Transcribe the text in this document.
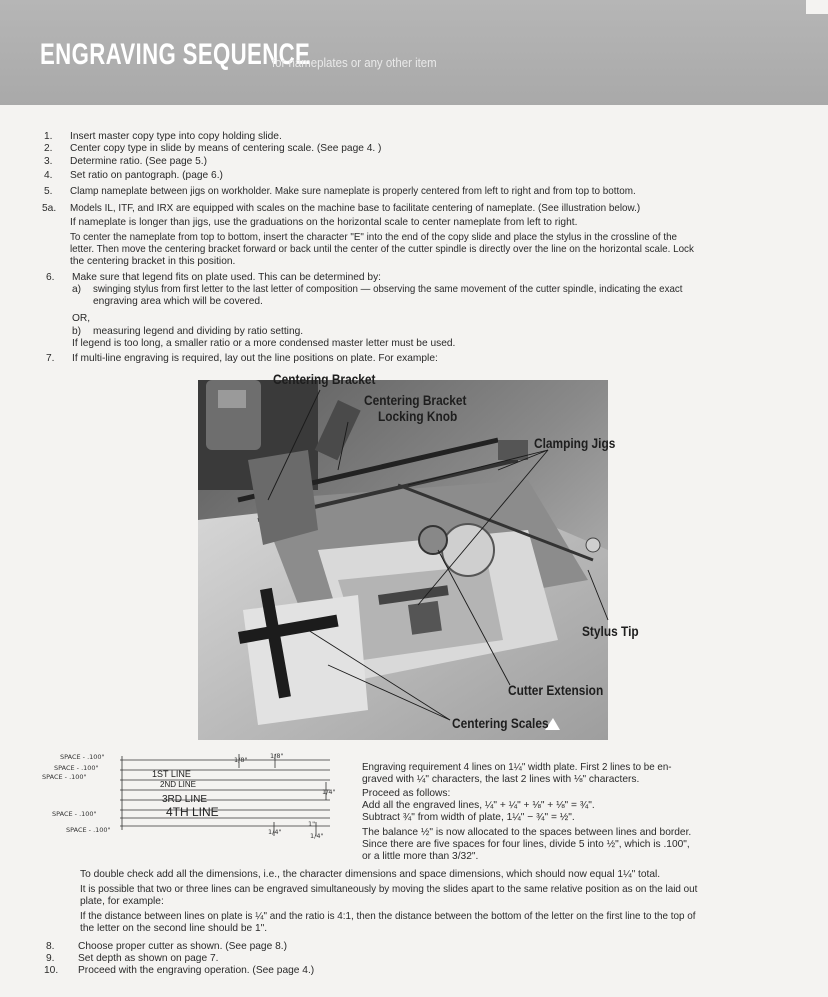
ENGRAVING SEQUENCE
for nameplates or any other item
1. Insert master copy type into copy holding slide.
2. Center copy type in slide by means of centering scale. (See page 4. )
3. Determine ratio. (See page 5.)
4. Set ratio on pantograph. (page 6.)
5. Clamp nameplate between jigs on workholder. Make sure nameplate is properly centered from left to right and from top to bottom.
5a. Models IL, ITF, and IRX are equipped with scales on the machine base to facilitate centering of nameplate. (See illustration below.)
If nameplate is longer than jigs, use the graduations on the horizontal scale to center nameplate from left to right.
To center the nameplate from top to bottom, insert the character "E" into the end of the copy slide and place the stylus in the crossline of the
letter. Then move the centering bracket forward or back until the center of the cutter spindle is directly over the line on the horizontal scale. Lock
the centering bracket in this position.
6. Make sure that legend fits on plate used. This can be determined by:
a) swinging stylus from first letter to the last letter of composition — observing the same movement of the cutter spindle, indicating the exact
engraving area which will be covered.
OR,
b) measuring legend and dividing by ratio setting.
If legend is too long, a smaller ratio or a more condensed master letter must be used.
7. If multi-line engraving is required, lay out the line positions on plate. For example:
Centering Bracket
Centering Bracket
Locking Knob
Clamping Jigs
Stylus Tip
Cutter Extension
Centering Scales
SPACE - .100"
SPACE - .100"
SPACE - .100"
SPACE - .100"
SPACE - .100"
1ST LINE
2ND LINE
3RD LINE
4TH LINE
1/8"	1/8"
1/4"
1/4"
1"
1/4"
Engraving requirement 4 lines on 1¼" width plate. First 2 lines to be en-
graved with ¼" characters, the last 2 lines with ⅛" characters.
Proceed as follows:
Add all the engraved lines, ¼" + ¼" + ⅛" + ⅛" = ¾".
Subtract ¾" from width of plate, 1¼" − ¾" = ½".
The balance ½" is now allocated to the spaces between lines and border.
Since there are five spaces for four lines, divide 5 into ½", which is .100",
or a little more than 3/32".
To double check add all the dimensions, i.e., the character dimensions and space dimensions, which should now equal 1¼" total.
It is possible that two or three lines can be engraved simultaneously by moving the slides apart to the same relative position as on the laid out
plate, for example:
If the distance between lines on plate is ¼" and the ratio is 4:1, then the distance between the bottom of the letter on the first line to the top of
the letter on the second line should be 1".
8. Choose proper cutter as shown. (See page 8.)
9. Set depth as shown on page 7.
10. Proceed with the engraving operation. (See page 4.)
